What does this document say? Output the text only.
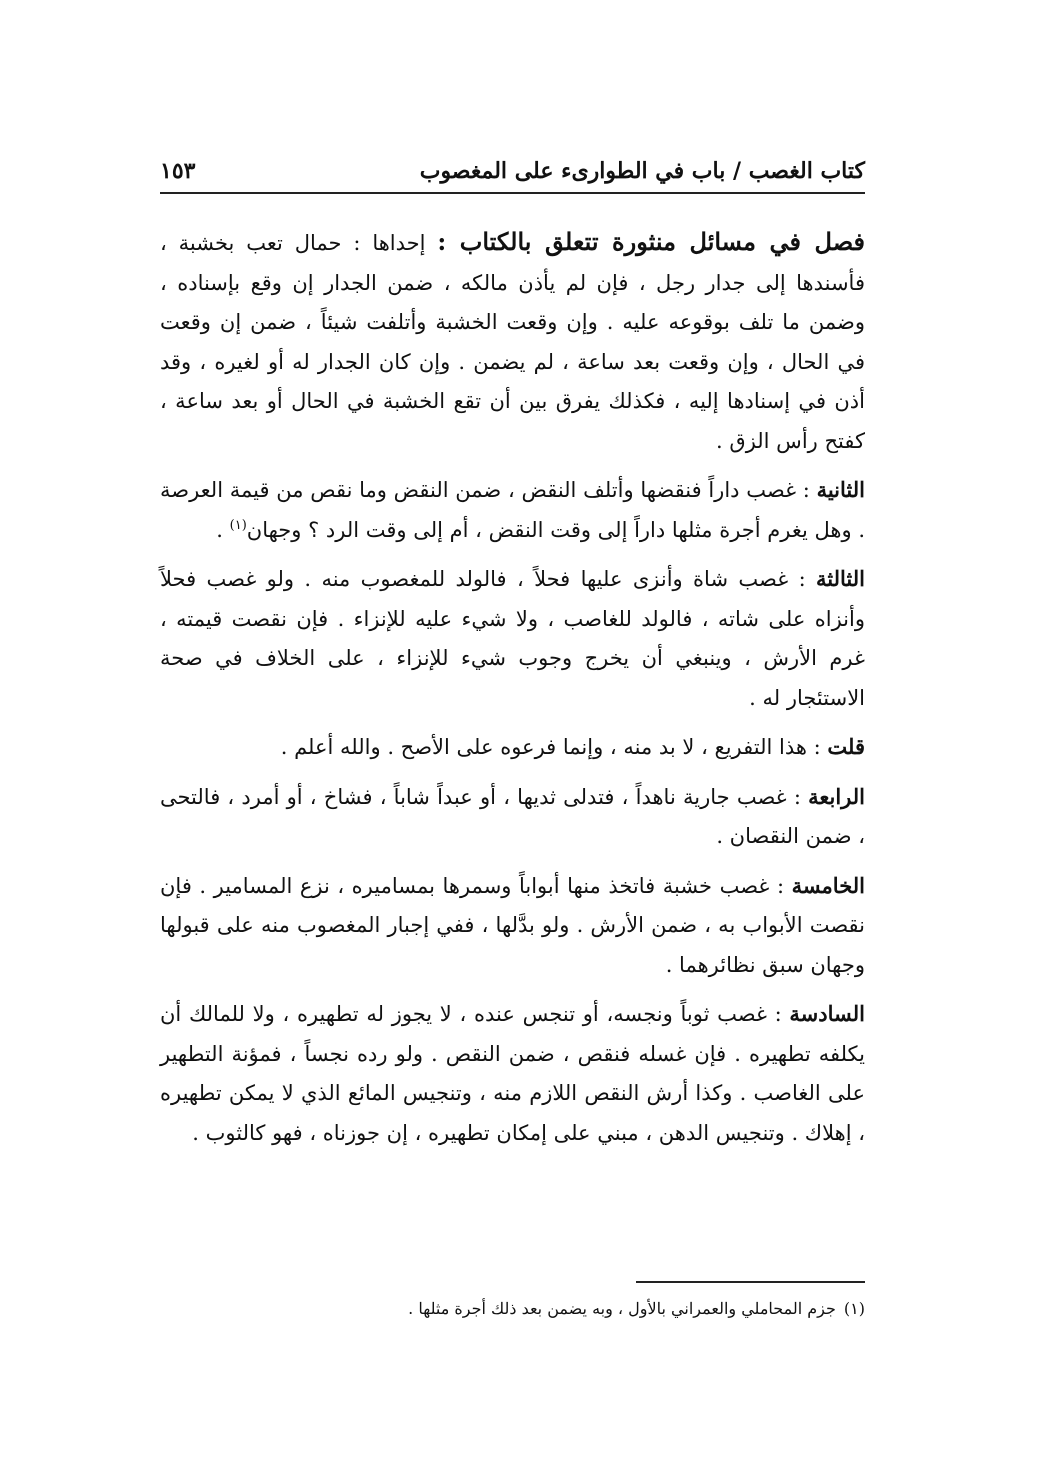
كتاب الغصب / باب في الطوارىء على المغصوب
١٥٣

فصل في مسائل منثورة تتعلق بالكتاب : إحداها : حمال تعب بخشبة ، فأسندها إلى جدار رجل ، فإن لم يأذن مالكه ، ضمن الجدار إن وقع بإسناده ، وضمن ما تلف بوقوعه عليه . وإن وقعت الخشبة وأتلفت شيئاً ، ضمن إن وقعت في الحال ، وإن وقعت بعد ساعة ، لم يضمن . وإن كان الجدار له أو لغيره ، وقد أذن في إسنادها إليه ، فكذلك يفرق بين أن تقع الخشبة في الحال أو بعد ساعة ، كفتح رأس الزق .

الثانية : غصب داراً فنقضها وأتلف النقض ، ضمن النقض وما نقص من قيمة العرصة . وهل يغرم أجرة مثلها داراً إلى وقت النقض ، أم إلى وقت الرد ؟ وجهان$^{(١)}$ .

الثالثة : غصب شاة وأنزى عليها فحلاً ، فالولد للمغصوب منه . ولو غصب فحلاً وأنزاه على شاته ، فالولد للغاصب ، ولا شيء عليه للإنزاء . فإن نقصت قيمته ، غرم الأرش ، وينبغي أن يخرج وجوب شيء للإنزاء ، على الخلاف في صحة الاستئجار له .

قلت : هذا التفريع ، لا بد منه ، وإنما فرعوه على الأصح . والله أعلم .

الرابعة : غصب جارية ناهداً ، فتدلى ثديها ، أو عبداً شاباً ، فشاخ ، أو أمرد ، فالتحى ، ضمن النقصان .

الخامسة : غصب خشبة فاتخذ منها أبواباً وسمرها بمساميره ، نزع المسامير . فإن نقصت الأبواب به ، ضمن الأرش . ولو بدَّلها ، ففي إجبار المغصوب منه على قبولها وجهان سبق نظائرهما .

السادسة : غصب ثوباً ونجسه، أو تنجس عنده ، لا يجوز له تطهيره ، ولا للمالك أن يكلفه تطهيره . فإن غسله فنقص ، ضمن النقص . ولو رده نجساً ، فمؤنة التطهير على الغاصب . وكذا أرش النقص اللازم منه ، وتنجيس المائع الذي لا يمكن تطهيره ، إهلاك . وتنجيس الدهن ، مبني على إمكان تطهيره ، إن جوزناه ، فهو كالثوب .

(١)جزم المحاملي والعمراني بالأول ، وبه يضمن بعد ذلك أجرة مثلها .
